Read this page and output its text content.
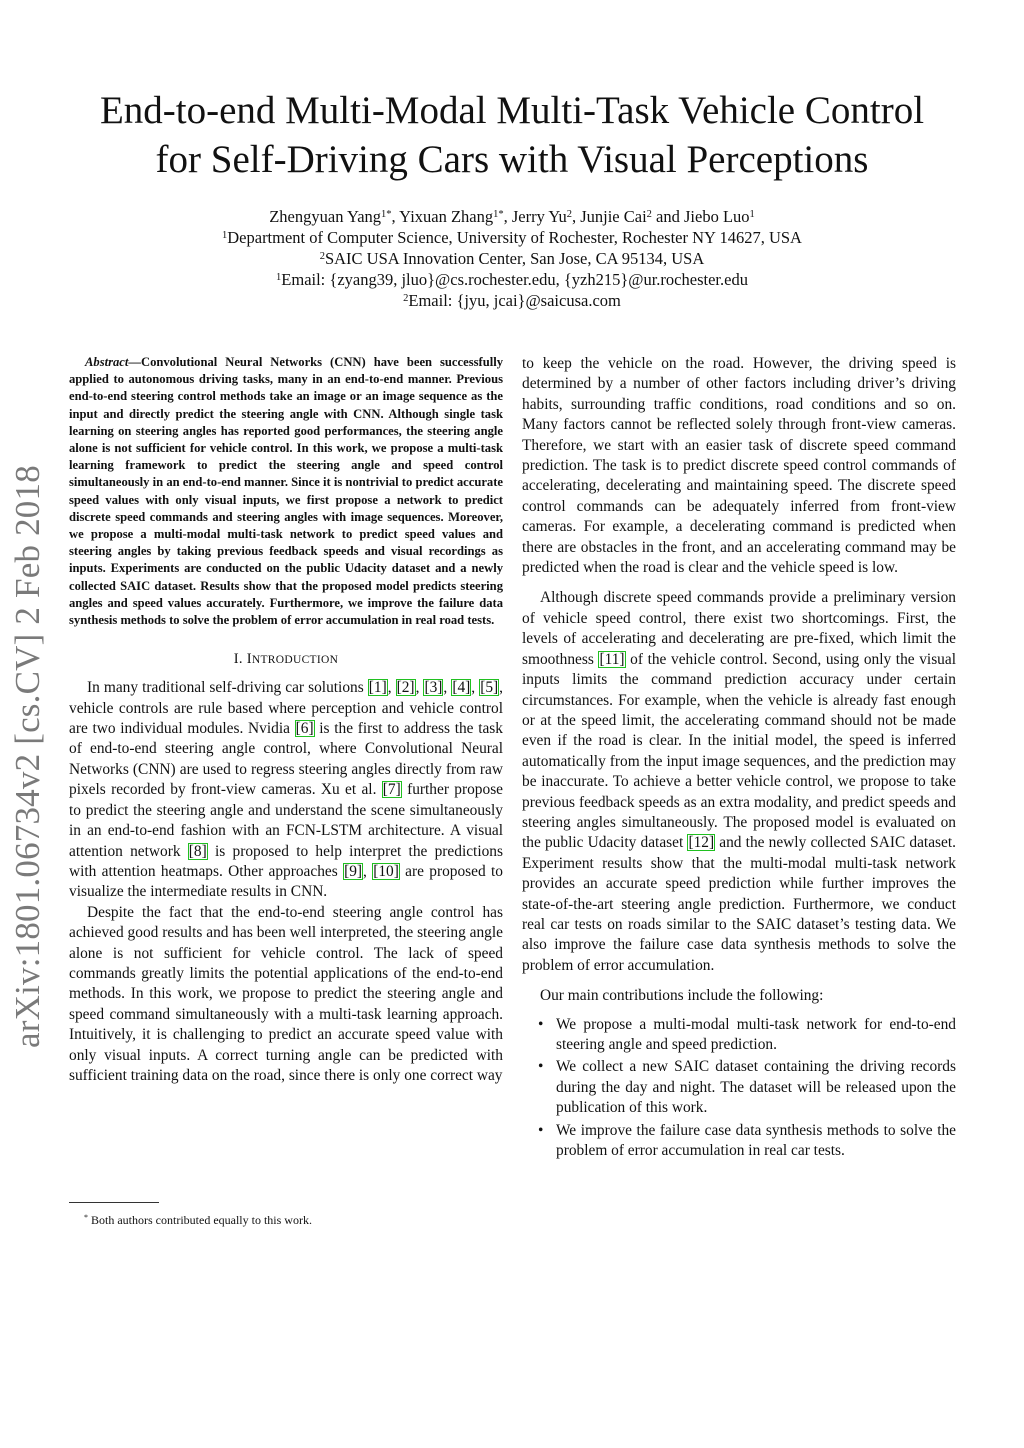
arXiv:1801.06734v2 [cs.CV] 2 Feb 2018
End-to-end Multi-Modal Multi-Task Vehicle Control
for Self-Driving Cars with Visual Perceptions
Zhengyuan Yang$^{1*}$, Yixuan Zhang$^{1*}$, Jerry Yu$^2$, Junjie Cai$^2$ and Jiebo Luo$^1$
$^1$Department of Computer Science, University of Rochester, Rochester NY 14627, USA
$^2$SAIC USA Innovation Center, San Jose, CA 95134, USA
$^1$Email: {zyang39, jluo}@cs.rochester.edu, {yzh215}@ur.rochester.edu
$^2$Email: {jyu, jcai}@saicusa.com

Abstract—Convolutional Neural Networks (CNN) have been successfully applied to autonomous driving tasks, many in an end-to-end manner. Previous end-to-end steering control methods take an image or an image sequence as the input and directly predict the steering angle with CNN. Although single task learning on steering angles has reported good performances, the steering angle alone is not sufficient for vehicle control. In this work, we propose a multi-task learning framework to predict the steering angle and speed control simultaneously in an end-to-end manner. Since it is nontrivial to predict accurate speed values with only visual inputs, we first propose a network to predict discrete speed commands and steering angles with image sequences. Moreover, we propose a multi-modal multi-task network to predict speed values and steering angles by taking previous feedback speeds and visual recordings as inputs. Experiments are conducted on the public Udacity dataset and a newly collected SAIC dataset. Results show that the proposed model predicts steering angles and speed values accurately. Furthermore, we improve the failure data synthesis methods to solve the problem of error accumulation in real road tests.

I. INTRODUCTION

In many traditional self-driving car solutions [1], [2], [3], [4], [5], vehicle controls are rule based where perception and vehicle control are two individual modules. Nvidia [6] is the first to address the task of end-to-end steering angle control, where Convolutional Neural Networks (CNN) are used to regress steering angles directly from raw pixels recorded by front-view cameras. Xu et al. [7] further propose to predict the steering angle and understand the scene simultaneously in an end-to-end fashion with an FCN-LSTM architecture. A visual attention network [8] is proposed to help interpret the predictions with attention heatmaps. Other approaches [9], [10] are proposed to visualize the intermediate results in CNN.

Despite the fact that the end-to-end steering angle control has achieved good results and has been well interpreted, the steering angle alone is not sufficient for vehicle control. The lack of speed commands greatly limits the potential applications of the end-to-end methods. In this work, we propose to predict the steering angle and speed command simultaneously with a multi-task learning approach. Intuitively, it is challenging to predict an accurate speed value with only visual inputs. A correct turning angle can be predicted with sufficient training data on the road, since there is only one correct way

to keep the vehicle on the road. However, the driving speed is determined by a number of other factors including driver’s driving habits, surrounding traffic conditions, road conditions and so on. Many factors cannot be reflected solely through front-view cameras. Therefore, we start with an easier task of discrete speed command prediction. The task is to predict discrete speed control commands of accelerating, decelerating and maintaining speed. The discrete speed control commands can be adequately inferred from front-view cameras. For example, a decelerating command is predicted when there are obstacles in the front, and an accelerating command may be predicted when the road is clear and the vehicle speed is low.

Although discrete speed commands provide a preliminary version of vehicle speed control, there exist two shortcomings. First, the levels of accelerating and decelerating are pre-fixed, which limit the smoothness [11] of the vehicle control. Second, using only the visual inputs limits the command prediction accuracy under certain circumstances. For example, when the vehicle is already fast enough or at the speed limit, the accelerating command should not be made even if the road is clear. In the initial model, the speed is inferred automatically from the input image sequences, and the prediction may be inaccurate. To achieve a better vehicle control, we propose to take previous feedback speeds as an extra modality, and predict speeds and steering angles simultaneously. The proposed model is evaluated on the public Udacity dataset [12] and the newly collected SAIC dataset. Experiment results show that the multi-modal multi-task network provides an accurate speed prediction while further improves the state-of-the-art steering angle prediction. Furthermore, we conduct real car tests on roads similar to the SAIC dataset’s testing data. We also improve the failure case data synthesis methods to solve the problem of error accumulation.

Our main contributions include the following:

• We propose a multi-modal multi-task network for end-to-end steering angle and speed prediction.
• We collect a new SAIC dataset containing the driving records during the day and night. The dataset will be released upon the publication of this work.
• We improve the failure case data synthesis methods to solve the problem of error accumulation in real car tests.
* Both authors contributed equally to this work.
